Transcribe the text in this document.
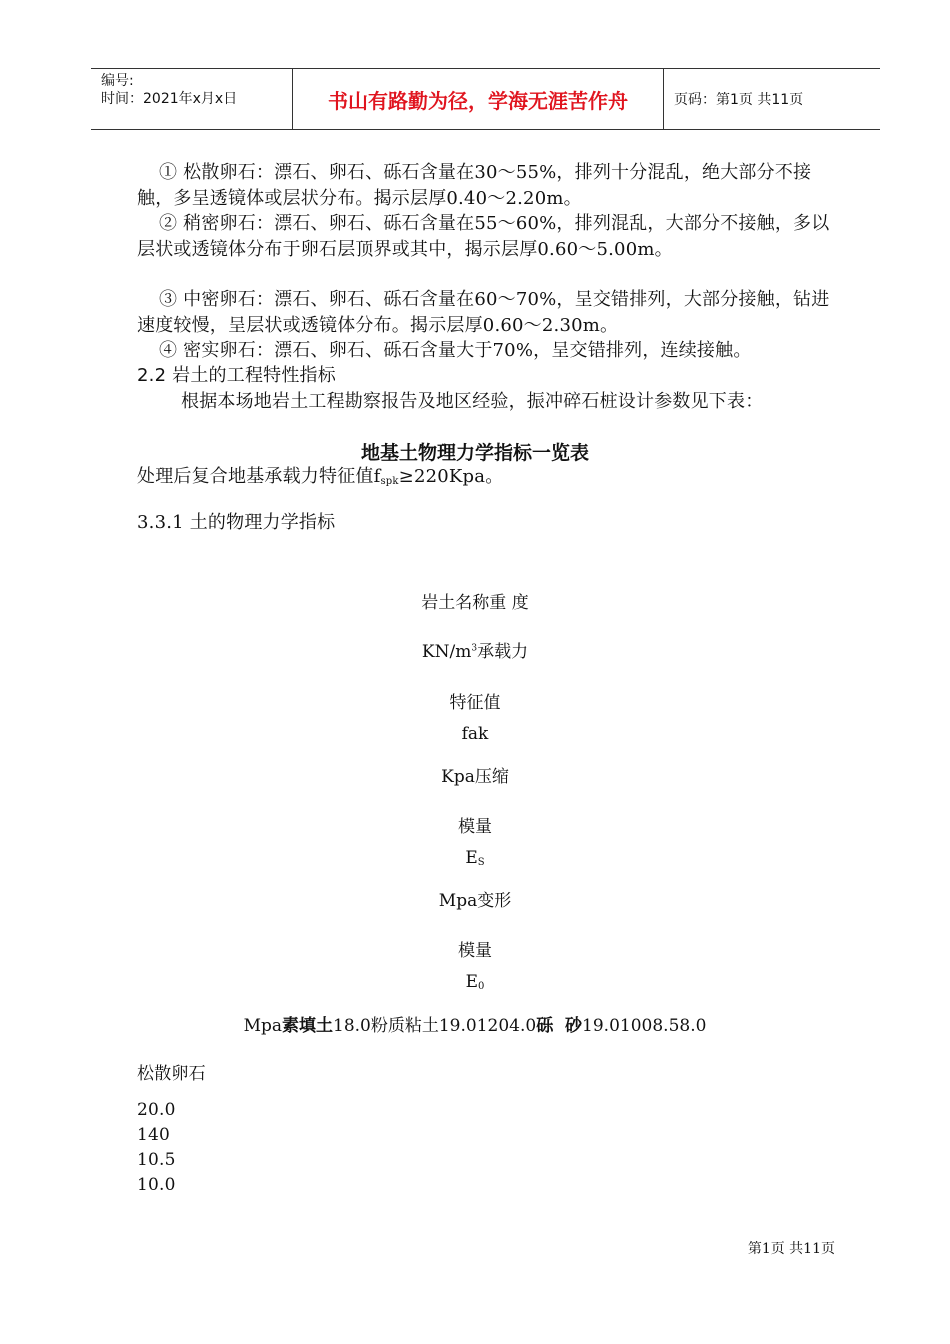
编号:
时间：2021年x月x日	书山有路勤为径，学海无涯苦作舟	页码：第1页 共11页
① 松散卵石：漂石、卵石、砾石含量在30～55%，排列十分混乱，绝大部分不接触，多呈透镜体或层状分布。揭示层厚0.40～2.20m。
② 稍密卵石：漂石、卵石、砾石含量在55～60%，排列混乱，大部分不接触，多以层状或透镜体分布于卵石层顶界或其中，揭示层厚0.60～5.00m。
③ 中密卵石：漂石、卵石、砾石含量在60～70%，呈交错排列，大部分接触，钻进速度较慢，呈层状或透镜体分布。揭示层厚0.60～2.30m。
④ 密实卵石：漂石、卵石、砾石含量大于70%，呈交错排列，连续接触。
2.2 岩土的工程特性指标
根据本场地岩土工程勘察报告及地区经验，振冲碎石桩设计参数见下表：
地基土物理力学指标一览表
处理后复合地基承载力特征值$f_{spk}\ge 220Kpa$。
3.3.1 土的物理力学指标
岩土名称重 度
$KN/m^3$承载力
特征值
fak
Kpa压缩
模量
$E_S$
Mpa变形
模量
$E_0$
Mpa素填土18.0粉质粘土19.01204.0砾  砂19.01008.58.0
松散卵石
20.0
140
10.5
10.0
第1页 共11页
